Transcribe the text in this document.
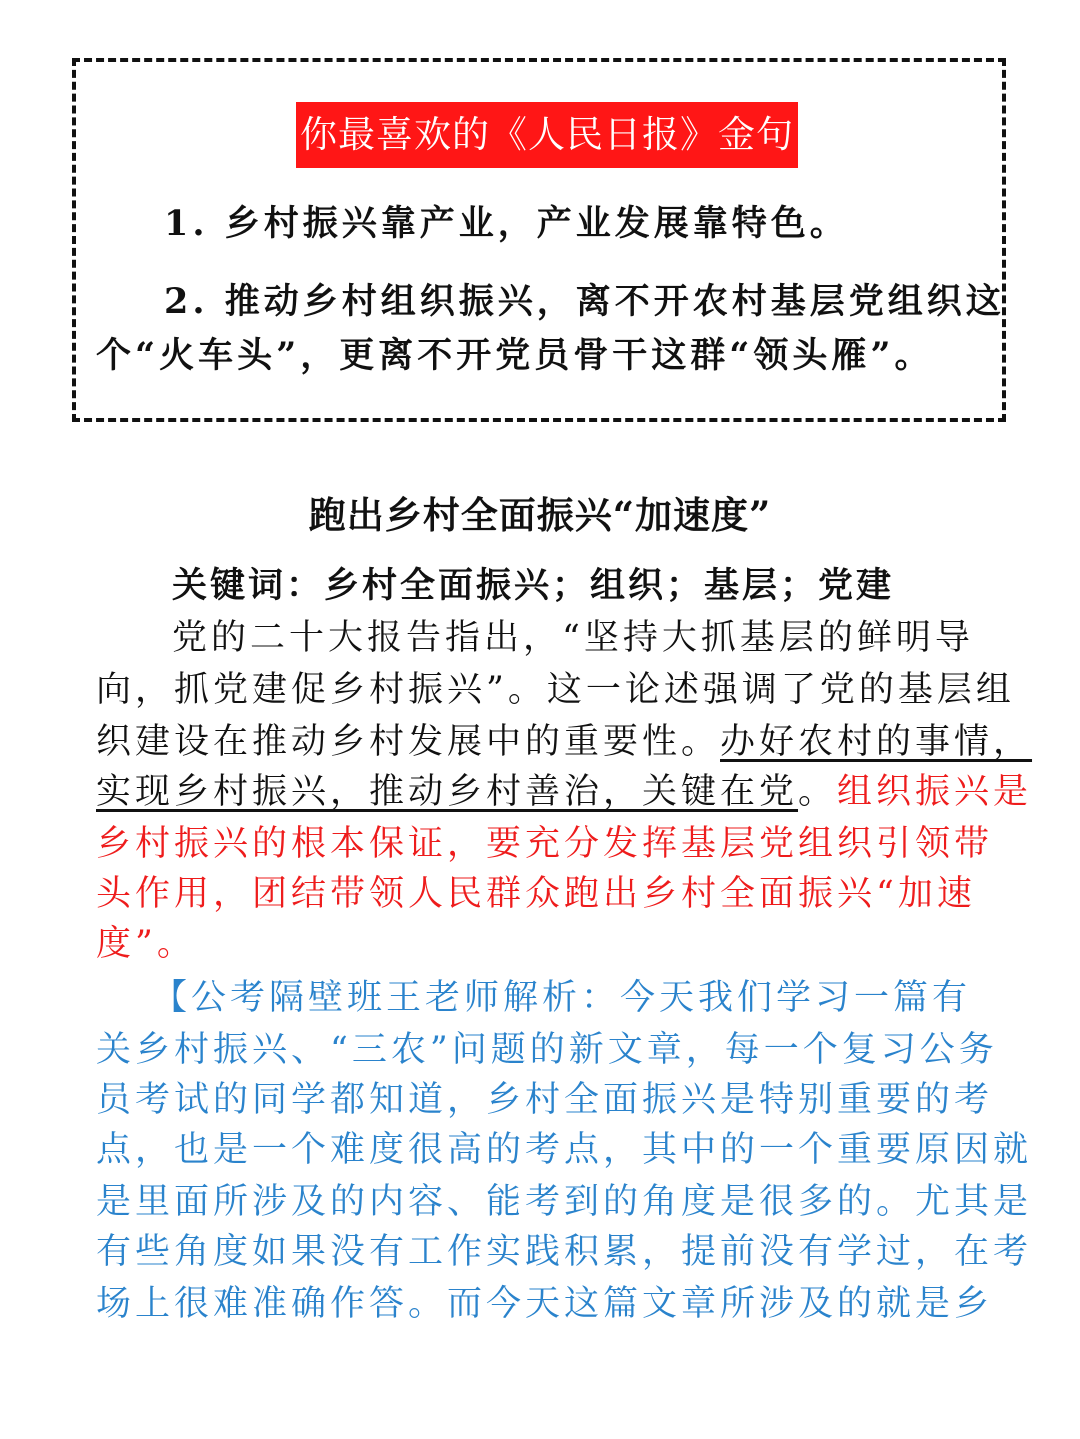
你最喜欢的《人民日报》金句
1. 乡村振兴靠产业，产业发展靠特色。
2. 推动乡村组织振兴，离不开农村基层党组织这
个“火车头”，更离不开党员骨干这群“领头雁”。
跑出乡村全面振兴“加速度”
关键词：乡村全面振兴；组织；基层；党建
党的二十大报告指出，“坚持大抓基层的鲜明导
向，抓党建促乡村振兴”。这一论述强调了党的基层组
织建设在推动乡村发展中的重要性。办好农村的事情，
实现乡村振兴，推动乡村善治，关键在党。组织振兴是
乡村振兴的根本保证，要充分发挥基层党组织引领带
头作用，团结带领人民群众跑出乡村全面振兴“加速
度”。
【公考隔壁班王老师解析：今天我们学习一篇有
关乡村振兴、“三农”问题的新文章，每一个复习公务
员考试的同学都知道，乡村全面振兴是特别重要的考
点，也是一个难度很高的考点，其中的一个重要原因就
是里面所涉及的内容、能考到的角度是很多的。尤其是
有些角度如果没有工作实践积累，提前没有学过，在考
场上很难准确作答。而今天这篇文章所涉及的就是乡
